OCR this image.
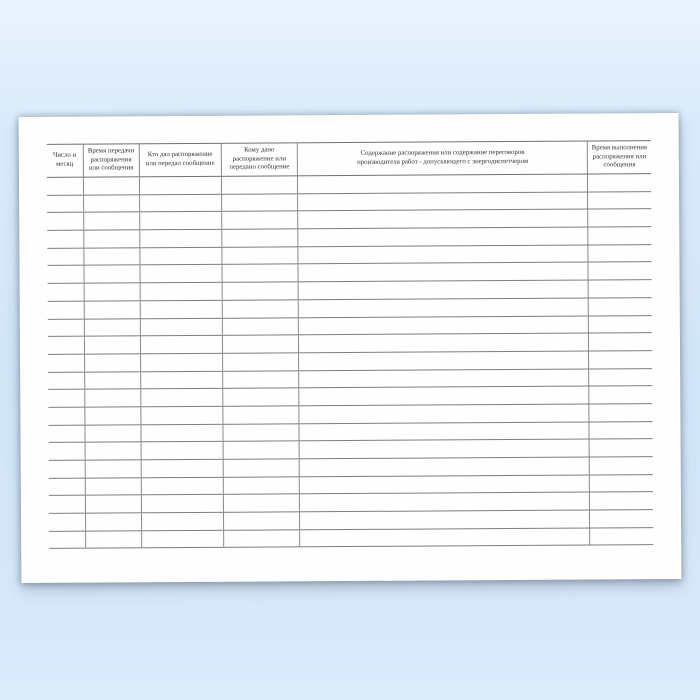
Число и
месяц
Время передачи
распоряжения
или сообщения
Кто дал распоряжение
или передал сообщение
Кому дано
распоряжение или
передано сообщение
Содержание распоряжения или содержание переговоров
производителя работ - допускающего с энергодиспетчером
Время выполнения
распоряжения или
сообщения
